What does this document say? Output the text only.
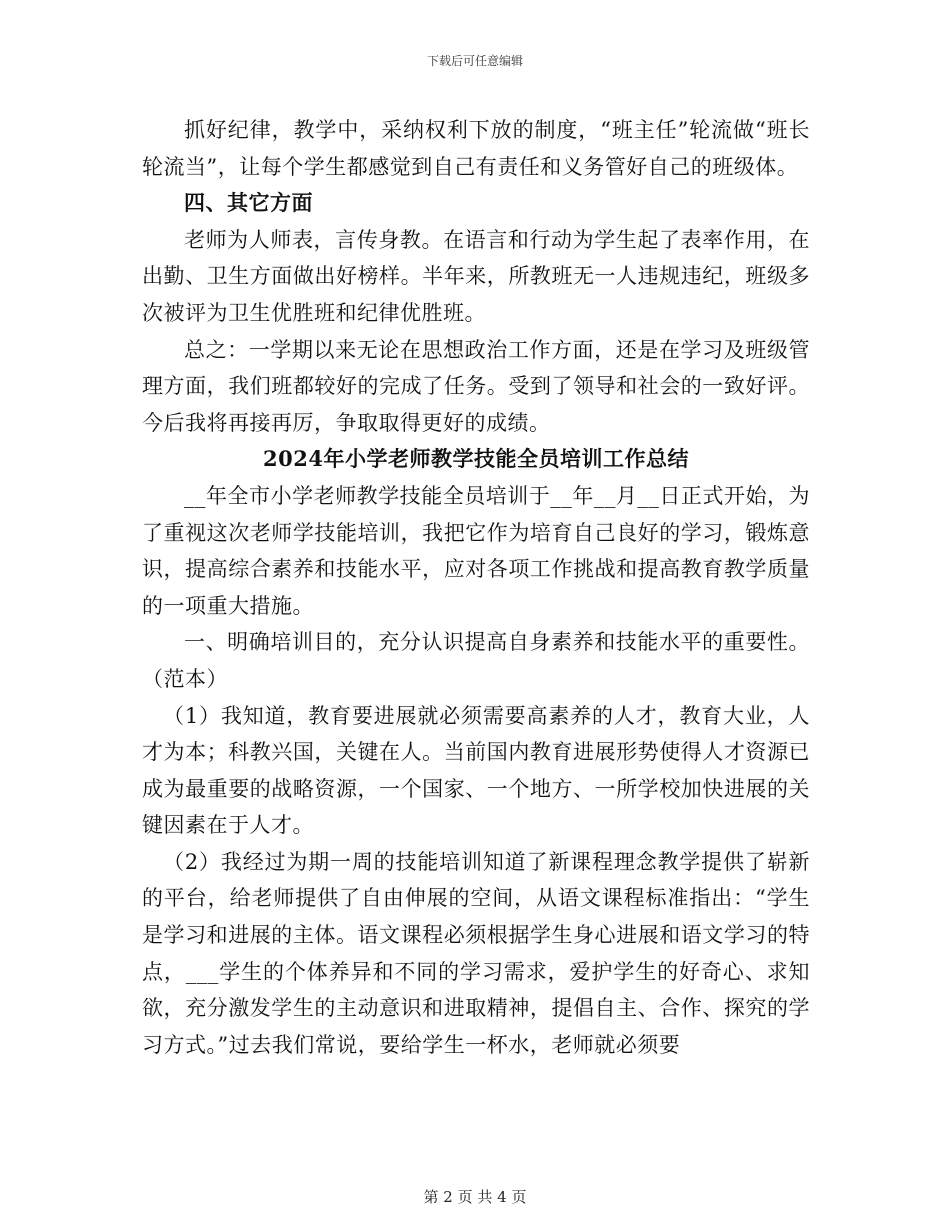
下载后可任意编辑

抓好纪律，教学中，采纳权利下放的制度，“班主任”轮流做“班长轮流当”，让每个学生都感觉到自己有责任和义务管好自己的班级体。

四、其它方面

老师为人师表，言传身教。在语言和行动为学生起了表率作用，在出勤、卫生方面做出好榜样。半年来，所教班无一人违规违纪，班级多次被评为卫生优胜班和纪律优胜班。

总之：一学期以来无论在思想政治工作方面，还是在学习及班级管理方面，我们班都较好的完成了任务。受到了领导和社会的一致好评。今后我将再接再厉，争取取得更好的成绩。

2024年小学老师教学技能全员培训工作总结

__年全市小学老师教学技能全员培训于__年__月__日正式开始，为了重视这次老师学技能培训，我把它作为培育自己良好的学习，锻炼意识，提高综合素养和技能水平，应对各项工作挑战和提高教育教学质量的一项重大措施。

一、明确培训目的，充分认识提高自身素养和技能水平的重要性。（范本）

（1）我知道，教育要进展就必须需要高素养的人才，教育大业，人才为本；科教兴国，关键在人。当前国内教育进展形势使得人才资源已成为最重要的战略资源，一个国家、一个地方、一所学校加快进展的关键因素在于人才。

（2）我经过为期一周的技能培训知道了新课程理念教学提供了崭新的平台，给老师提供了自由伸展的空间，从语文课程标准指出：“学生是学习和进展的主体。语文课程必须根据学生身心进展和语文学习的特点，___学生的个体养异和不同的学习需求，爱护学生的好奇心、求知欲，充分激发学生的主动意识和进取精神，提倡自主、合作、探究的学习方式。”过去我们常说，要给学生一杯水，老师就必须要

第 2 页 共 4 页
